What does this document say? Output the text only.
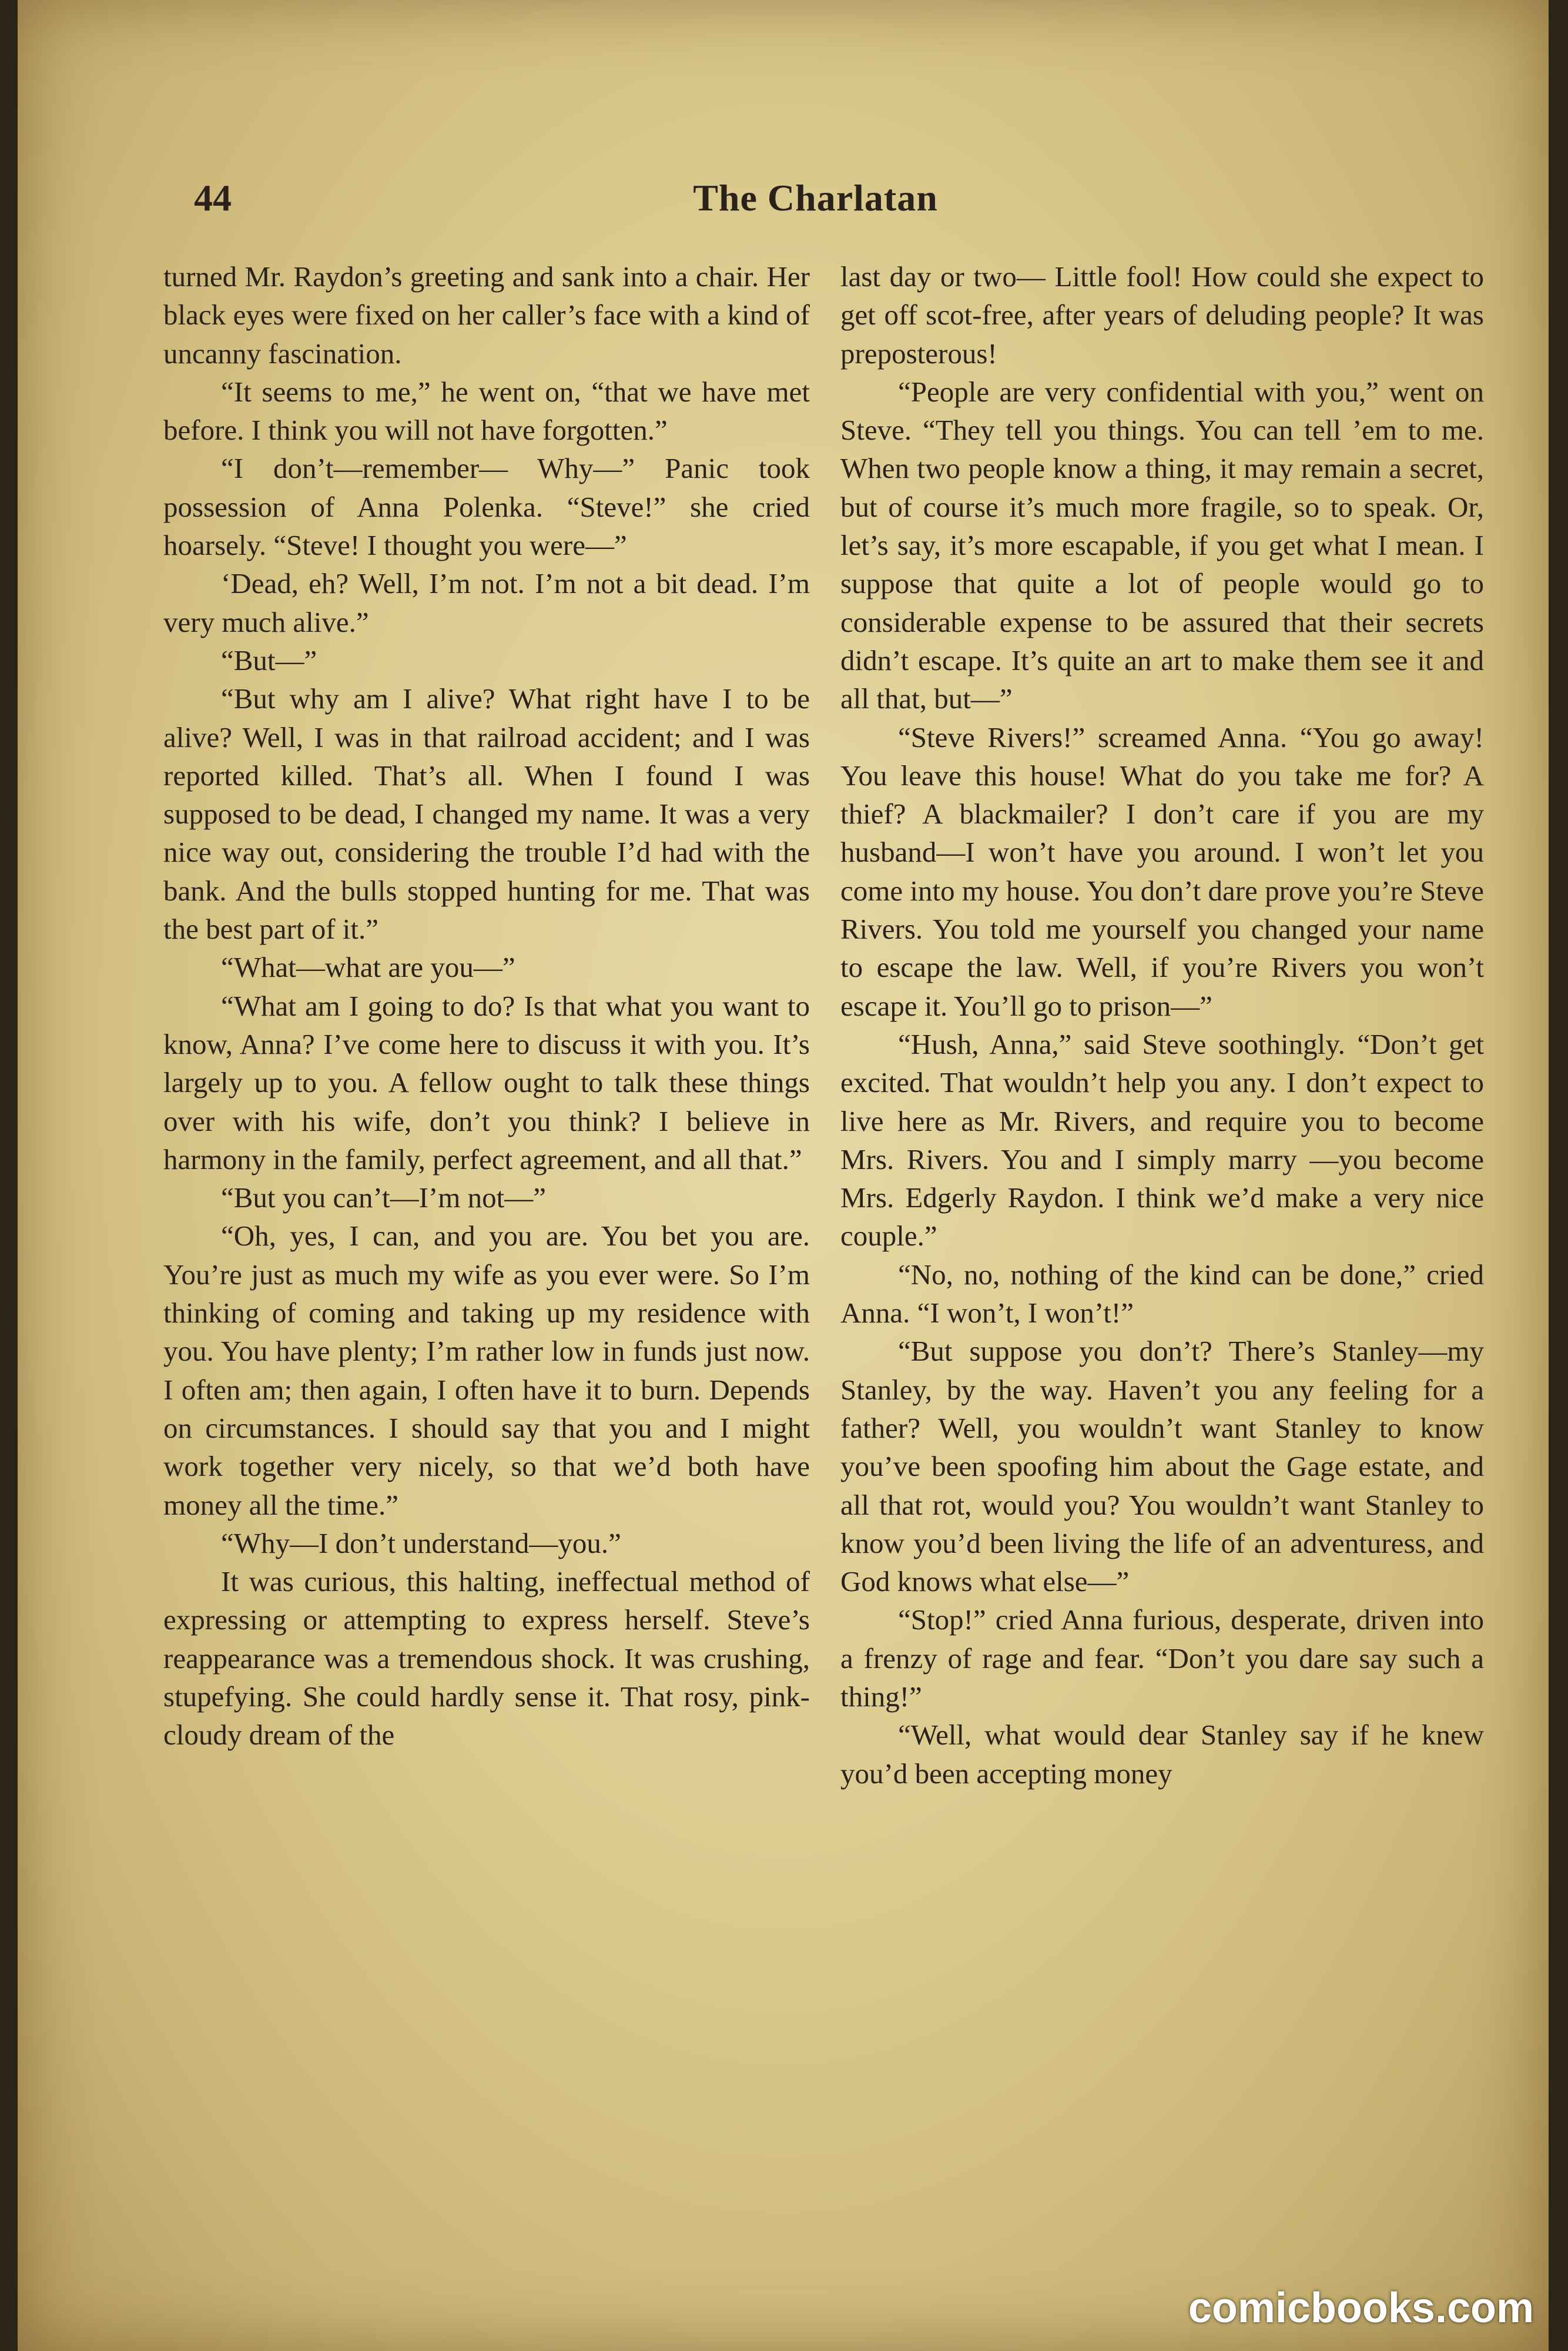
The Charlatan
44

turned Mr. Raydon’s greeting and sank into a chair. Her black eyes were fixed on her caller’s face with a kind of uncanny fascination.

“It seems to me,” he went on, “that we have met before. I think you will not have forgotten.”

“I don’t—remember— Why—” Panic took possession of Anna Polenka. “Steve!” she cried hoarsely. “Steve! I thought you were—”

‘Dead, eh? Well, I’m not. I’m not a bit dead. I’m very much alive.”

“But—”

“But why am I alive? What right have I to be alive? Well, I was in that railroad accident; and I was reported killed. That’s all. When I found I was supposed to be dead, I changed my name. It was a very nice way out, considering the trouble I’d had with the bank. And the bulls stopped hunting for me. That was the best part of it.”

“What—what are you—”

“What am I going to do? Is that what you want to know, Anna? I’ve come here to discuss it with you. It’s largely up to you. A fellow ought to talk these things over with his wife, don’t you think? I believe in harmony in the family, perfect agreement, and all that.”

“But you can’t—I’m not—”

“Oh, yes, I can, and you are. You bet you are. You’re just as much my wife as you ever were. So I’m thinking of coming and taking up my residence with you. You have plenty; I’m rather low in funds just now. I often am; then again, I often have it to burn. Depends on circumstances. I should say that you and I might work together very nicely, so that we’d both have money all the time.”

“Why—I don’t understand—you.”

It was curious, this halting, ineffectual method of expressing or attempting to express herself. Steve’s reappearance was a tremendous shock. It was crushing, stupefying. She could hardly sense it. That rosy, pink-cloudy dream of the

last day or two— Little fool! How could she expect to get off scot-free, after years of deluding people? It was preposterous!

“People are very confidential with you,” went on Steve. “They tell you things. You can tell ’em to me. When two people know a thing, it may remain a secret, but of course it’s much more fragile, so to speak. Or, let’s say, it’s more escapable, if you get what I mean. I suppose that quite a lot of people would go to considerable expense to be assured that their secrets didn’t escape. It’s quite an art to make them see it and all that, but—”

“Steve Rivers!” screamed Anna. “You go away! You leave this house! What do you take me for? A thief? A blackmailer? I don’t care if you are my husband—I won’t have you around. I won’t let you come into my house. You don’t dare prove you’re Steve Rivers. You told me yourself you changed your name to escape the law. Well, if you’re Rivers you won’t escape it. You’ll go to prison—”

“Hush, Anna,” said Steve soothingly. “Don’t get excited. That wouldn’t help you any. I don’t expect to live here as Mr. Rivers, and require you to become Mrs. Rivers. You and I simply marry —you become Mrs. Edgerly Raydon. I think we’d make a very nice couple.”

“No, no, nothing of the kind can be done,” cried Anna. “I won’t, I won’t!”

“But suppose you don’t? There’s Stanley—my Stanley, by the way. Haven’t you any feeling for a father? Well, you wouldn’t want Stanley to know you’ve been spoofing him about the Gage estate, and all that rot, would you? You wouldn’t want Stanley to know you’d been living the life of an adventuress, and God knows what else—”

“Stop!” cried Anna furious, desperate, driven into a frenzy of rage and fear. “Don’t you dare say such a thing!”

“Well, what would dear Stanley say if he knew you’d been accepting money

comicbooks.com
